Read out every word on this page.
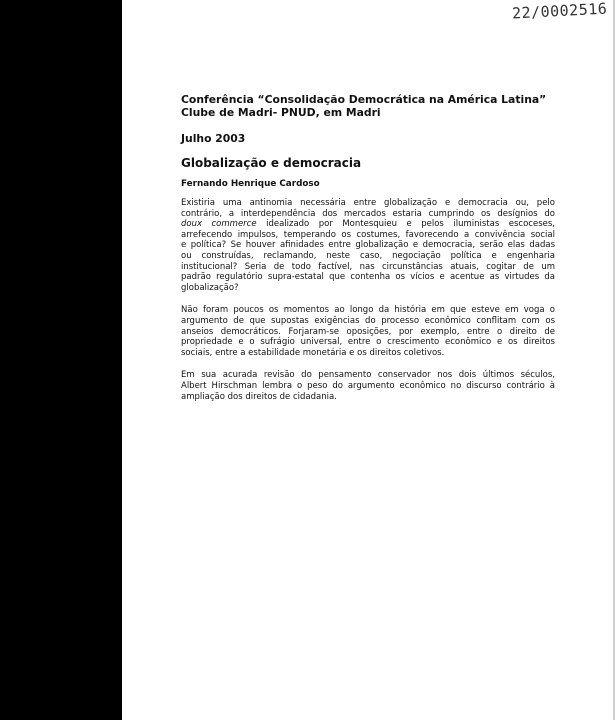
22/0002516

Conferência “Consolidação Democrática na América Latina”

Clube de Madri- PNUD, em Madri

Julho 2003

Globalização e democracia

Fernando Henrique Cardoso

Existiria uma antinomia necessária entre globalização e democracia ou, pelo
contrário, a interdependência dos mercados estaria cumprindo os desígnios do
doux commerce idealizado por Montesquieu e pelos iluministas escoceses,
arrefecendo impulsos, temperando os costumes, favorecendo a convivência social
e política? Se houver afinidades entre globalização e democracia, serão elas dadas
ou construídas, reclamando, neste caso, negociação política e engenharia
institucional? Seria de todo factível, nas circunstâncias atuais, cogitar de um
padrão regulatório supra-estatal que contenha os vícios e acentue as virtudes da
globalização?
Não foram poucos os momentos ao longo da história em que esteve em voga o
argumento de que supostas exigências do processo econômico conflitam com os
anseios democráticos. Forjaram-se oposições, por exemplo, entre o direito de
propriedade e o sufrágio universal, entre o crescimento econômico e os direitos
sociais, entre a estabilidade monetária e os direitos coletivos.
Em sua acurada revisão do pensamento conservador nos dois últimos séculos,
Albert Hirschman lembra o peso do argumento econômico no discurso contrário à
ampliação dos direitos de cidadania.
